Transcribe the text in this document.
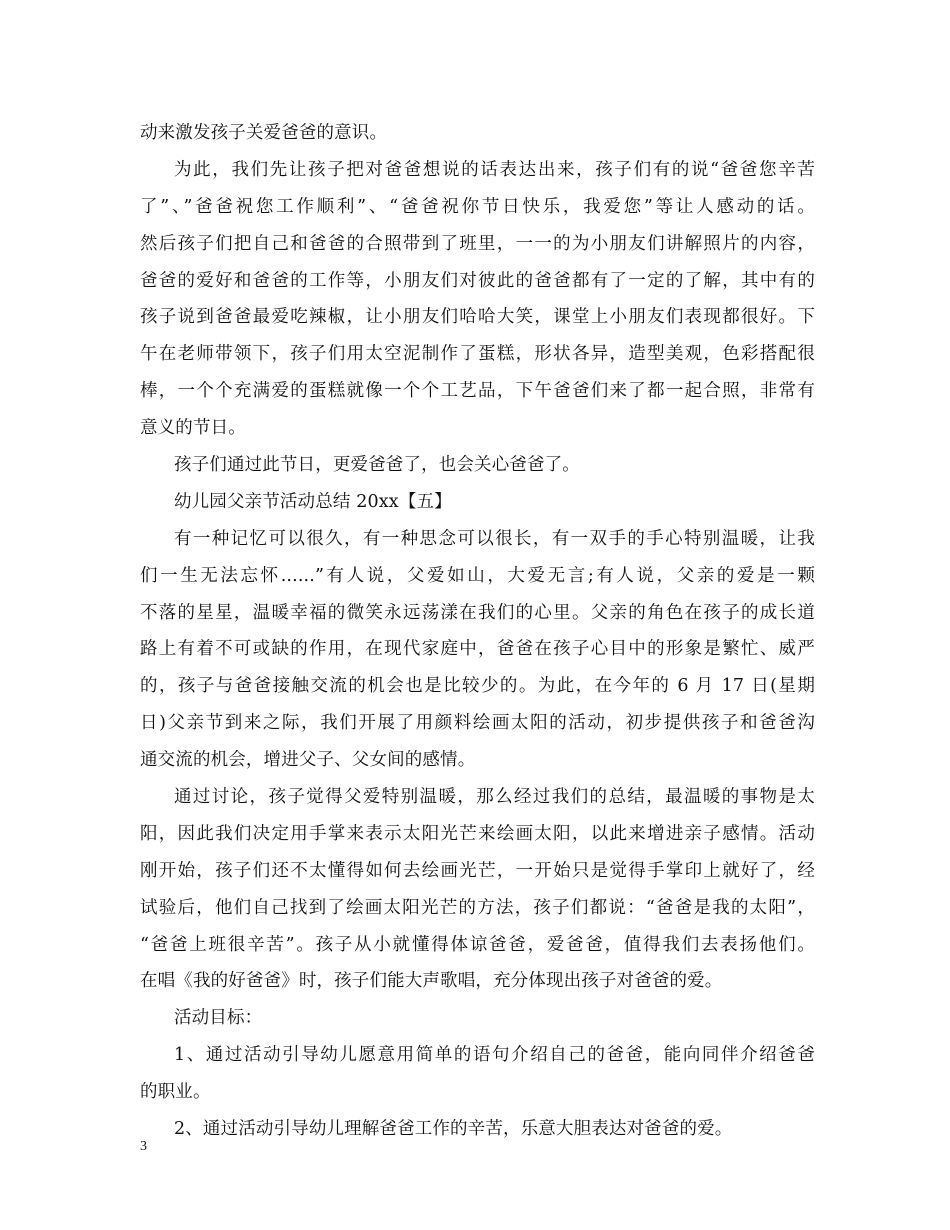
动来激发孩子关爱爸爸的意识。
为此，我们先让孩子把对爸爸想说的话表达出来，孩子们有的说“爸爸您辛苦
了”、”爸爸祝您工作顺利”、“爸爸祝你节日快乐，我爱您”等让人感动的话。
然后孩子们把自己和爸爸的合照带到了班里，一一的为小朋友们讲解照片的内容，
爸爸的爱好和爸爸的工作等，小朋友们对彼此的爸爸都有了一定的了解，其中有的
孩子说到爸爸最爱吃辣椒，让小朋友们哈哈大笑，课堂上小朋友们表现都很好。下
午在老师带领下，孩子们用太空泥制作了蛋糕，形状各异，造型美观，色彩搭配很
棒，一个个充满爱的蛋糕就像一个个工艺品，下午爸爸们来了都一起合照，非常有
意义的节日。
孩子们通过此节日，更爱爸爸了，也会关心爸爸了。
幼儿园父亲节活动总结 20xx【五】
有一种记忆可以很久，有一种思念可以很长，有一双手的手心特别温暖，让我
们一生无法忘怀......”有人说，父爱如山，大爱无言;有人说，父亲的爱是一颗
不落的星星，温暖幸福的微笑永远荡漾在我们的心里。父亲的角色在孩子的成长道
路上有着不可或缺的作用，在现代家庭中，爸爸在孩子心目中的形象是繁忙、威严
的，孩子与爸爸接触交流的机会也是比较少的。为此，在今年的 6 月 17 日(星期
日)父亲节到来之际，我们开展了用颜料绘画太阳的活动，初步提供孩子和爸爸沟
通交流的机会，增进父子、父女间的感情。
通过讨论，孩子觉得父爱特别温暖，那么经过我们的总结，最温暖的事物是太
阳，因此我们决定用手掌来表示太阳光芒来绘画太阳，以此来增进亲子感情。活动
刚开始，孩子们还不太懂得如何去绘画光芒，一开始只是觉得手掌印上就好了，经
试验后，他们自己找到了绘画太阳光芒的方法，孩子们都说：“爸爸是我的太阳”，
“爸爸上班很辛苦”。孩子从小就懂得体谅爸爸，爱爸爸，值得我们去表扬他们。
在唱《我的好爸爸》时，孩子们能大声歌唱，充分体现出孩子对爸爸的爱。
活动目标：
1、通过活动引导幼儿愿意用简单的语句介绍自己的爸爸，能向同伴介绍爸爸
的职业。
2、通过活动引导幼儿理解爸爸工作的辛苦，乐意大胆表达对爸爸的爱。
3
